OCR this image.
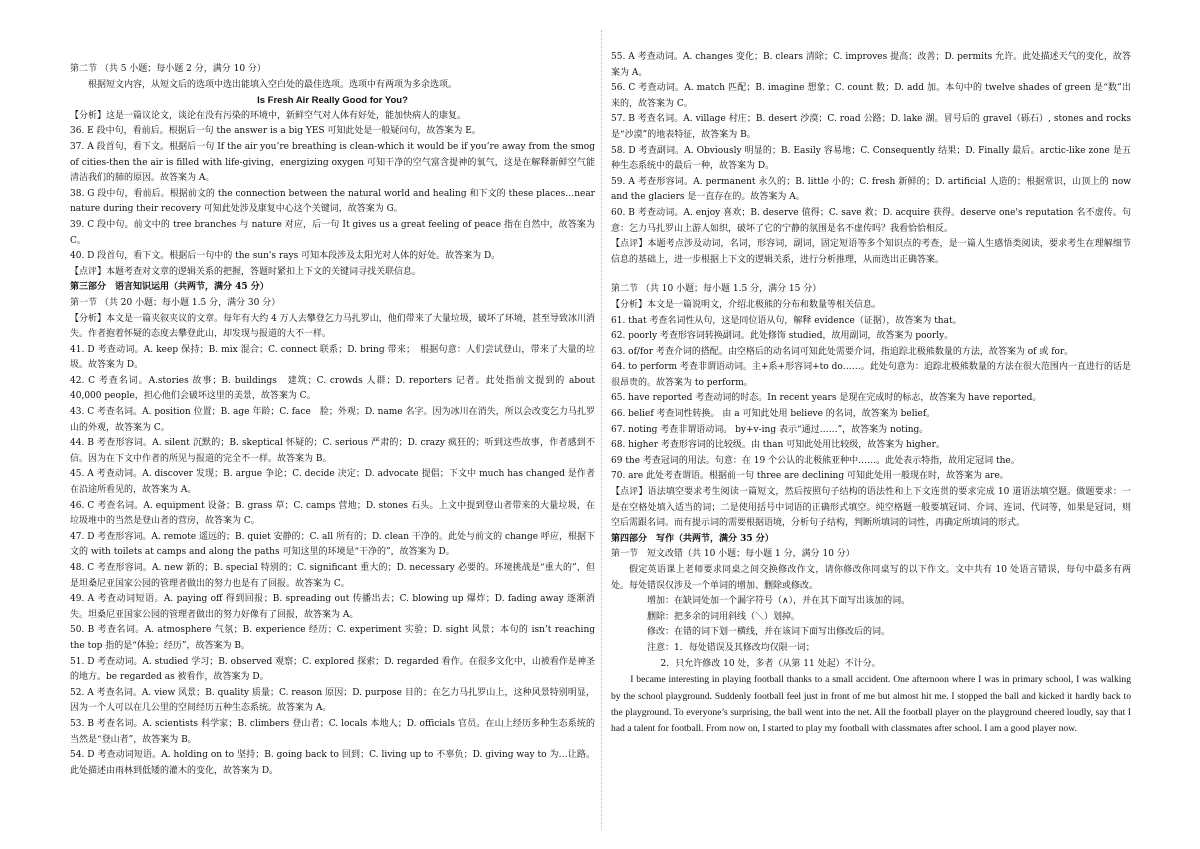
第二节 （共 5 小题；每小题 2 分，满分 10 分）

根据短文内容，从短文后的选项中选出能填入空白处的最佳选项。选项中有两项为多余选项。

Is Fresh Air Really Good for You?

【分析】这是一篇议论文，谈论在没有污染的环境中，新鲜空气对人体有好处，能加快病人的康复。

36. E 段中句，看前后。根据后一句 the answer is a big YES 可知此处是一般疑问句，故答案为 E。

37. A 段首句，看下文。根据后一句 If the air you’re breathing is clean-which it would be if you’re away from the smog of cities-then the air is filled with life-giving，energizing oxygen 可知干净的空气富含提神的氧气，这是在解释新鲜空气能清洁我们的肺的原因。故答案为 A。

38. G 段中句，看前后。根据前文的 the connection between the natural world and healing 和下文的 these places…near nature during their recovery 可知此处涉及康复中心这个关键词，故答案为 G。

39. C 段中句。前文中的 tree branches 与 nature 对应，后一句 It gives us a great feeling of peace 指在自然中，故答案为 C。

40. D 段首句，看下文。根据后一句中的 the sun's rays 可知本段涉及太阳光对人体的好处。故答案为 D。

【点评】本题考查对文章的逻辑关系的把握，答题时紧扣上下文的关键词寻找关联信息。

第三部分　语言知识运用（共两节，满分 45 分）

第一节 （共 20 小题；每小题 1.5 分，满分 30 分）

【分析】本文是一篇夹叙夹议的文章。每年有大约 4 万人去攀登乞力马扎罗山，他们带来了大量垃圾，破坏了环境，甚至导致冰川消失。作者抱着怀疑的态度去攀登此山，却发现与报道的大不一样。

41. D 考查动词。A. keep 保持；B. mix 混合；C. connect 联系；D. bring 带来；　根据句意：人们尝试登山，带来了大量的垃圾。故答案为 D。

42. C 考查名词。A.stories 故事；B. buildings　建筑；C. crowds 人群；D. reporters 记者。此处指前文提到的 about 40,000 people，担心他们会破坏这里的美景，故答案为 C。

43. C 考查名词。A. position 位置；B. age 年龄；C. face　脸；外观；D. name 名字。因为冰川在消失，所以会改变乞力马扎罗山的外观，故答案为 C。

44. B 考查形容词。A. silent 沉默的；B. skeptical 怀疑的；C. serious 严肃的；D. crazy 疯狂的；听到这些故事，作者感到不信。因为在下文中作者的所见与报道的完全不一样。故答案为 B。

45. A 考查动词。A. discover 发现；B. argue 争论；C. decide 决定；D. advocate 提倡；下文中 much has changed 是作者在沿途所看见的，故答案为 A。

46. C 考查名词。A. equipment 设备；B. grass 草；C. camps 营地；D. stones 石头。上文中提到登山者带来的大量垃圾，在垃圾堆中的当然是登山者的营房，故答案为 C。

47. D 考查形容词。A. remote 遥远的；B. quiet 安静的；C. all 所有的；D. clean 干净的。此处与前文的 change 呼应，根据下文的 with toilets at camps and along the paths 可知这里的环境是“干净的”，故答案为 D。

48. C 考查形容词。A. new 新的；B. special 特别的；C. significant 重大的；D. necessary 必要的。环境挑战是“重大的”，但是坦桑尼亚国家公园的管理者做出的努力也是有了回报。故答案为 C。

49. A 考查动词短语。A. paying off 得到回报；B. spreading out 传播出去；C. blowing up 爆炸；D. fading away 逐渐消失。坦桑尼亚国家公园的管理者做出的努力好像有了回报，故答案为 A。

50. B 考查名词。A. atmosphere 气氛；B. experience 经历；C. experiment 实验；D. sight 风景；本句的 isn’t reaching the top 指的是“体验；经历”，故答案为 B。

51. D 考查动词。A. studied 学习；B. observed 观察；C. explored 探索；D. regarded 看作。在很多文化中，山被看作是神圣的地方。be regarded as 被看作，故答案为 D。

52. A 考查名词。A. view 风景；B. quality 质量；C. reason 原因；D. purpose 目的；在乞力马扎罗山上，这种风景特别明显，因为一个人可以在几公里的空间经历五种生态系统。故答案为 A。

53. B 考查名词。A. scientists 科学家；B. climbers 登山者；C. locals 本地人；D. officials 官员。在山上经历多种生态系统的当然是“登山者”，故答案为 B。

54. D 考查动词短语。A. holding on to 坚持；B. going back to 回到；C. living up to 不辜负；D. giving way to 为…让路。此处描述由雨林到低矮的灌木的变化，故答案为 D。

55. A 考查动词。A. changes 变化；B. clears 清除；C. improves 提高；改善；D. permits 允许。此处描述天气的变化，故答案为 A。

56. C 考查动词。A. match 匹配；B. imagine 想象；C. count 数；D. add 加。本句中的 twelve shades of green 是“数”出来的，故答案为 C。

57. B 考查名词。A. village 村庄；B. desert 沙漠；C. road 公路；D. lake 湖。冒号后的 gravel（砾石）, stones and rocks 是“沙漠”的地表特征，故答案为 B。

58. D 考查副词。A. Obviously 明显的；B. Easily 容易地；C. Consequently 结果；D. Finally 最后。arctic-like zone 是五种生态系统中的最后一种，故答案为 D。

59. A 考查形容词。A. permanent 永久的；B. little 小的；C. fresh 新鲜的；D. artificial 人造的；根据常识，山顶上的 now and the glaciers 是一直存在的。故答案为 A。

60. B 考查动词。A. enjoy 喜欢；B. deserve 值得；C. save 救；D. acquire 获得。deserve one's reputation 名不虚传。句意：乞力马扎罗山上游人如织，破坏了它的宁静的氛围是名不虚传吗？我看恰恰相反。

【点评】本题考点涉及动词，名词，形容词，副词，固定短语等多个知识点的考查，是一篇人生感悟类阅读，要求考生在理解细节信息的基础上，进一步根据上下文的逻辑关系，进行分析推理，从而选出正确答案。

第二节 （共 10 小题；每小题 1.5 分，满分 15 分）

【分析】本文是一篇说明文，介绍北极熊的分布和数量等相关信息。

61. that 考查名词性从句，这是同位语从句，解释 evidence（证据），故答案为 that。

62. poorly 考查形容词转换副词。此处修饰 studied，故用副词，故答案为 poorly。

63. of/for 考查介词的搭配。由空格后的动名词可知此处需要介词，指追踪北极熊数量的方法，故答案为 of 或 for。

64. to perform 考查非谓语动词。主+系+形容词+to do……。此处句意为：追踪北极熊数量的方法在很大范围内一直进行的话是很昂贵的。故答案为 to perform。

65. have reported 考查动词的时态。In recent years 是现在完成时的标志，故答案为 have reported。

66. belief 考查词性转换。 由 a 可知此处用 believe 的名词，故答案为 belief。

67. noting 考查非谓语动词。 by+v-ing 表示“通过……”，故答案为 noting。

68. higher 考查形容词的比较级。由 than 可知此处用比较级，故答案为 higher。

69 the 考查冠词的用法。句意：在 19 个公认的北极熊亚种中……。此处表示特指，故用定冠词 the。

70. are 此处考查谓语。根据前一句 three are declining 可知此处用一般现在时，故答案为 are。

【点评】语法填空要求考生阅读一篇短文，然后按照句子结构的语法性和上下文连贯的要求完成 10 道语法填空题。做题要求：一是在空格处填入适当的词；二是使用括号中词语的正确形式填空。纯空格题一般要填冠词、介词、连词、代词等，如果是冠词，则空后需跟名词。而有提示词的需要根据语境，分析句子结构，判断所填词的词性，再确定所填词的形式。

第四部分　写作（共两节，满分 35 分）

第一节　短文改错（共 10 小题；每小题 1 分，满分 10 分）

假定英语课上老师要求同桌之间交换修改作文，请你修改你同桌写的以下作文。文中共有 10 处语言错误，每句中最多有两处。每处错误仅涉及一个单词的增加、删除或修改。

增加：在缺词处加一个漏字符号（∧），并在其下面写出该加的词。

删除：把多余的词用斜线（＼）划掉。

修改：在错的词下划一横线，并在该词下面写出修改后的词。

注意：1．每处错误及其修改均仅限一词；

2．只允许修改 10 处，多者（从第 11 处起）不计分。

I became interesting in playing football thanks to a small accident. One afternoon where I was in primary school, I was walking by the school playground. Suddenly football feel just in front of me but almost hit me. I stopped the ball and kicked it hardly back to the playground. To everyone’s surprising, the ball went into the net. All the football player on the playground cheered loudly, say that I had a talent for football. From now on, I started to play my football with classmates after school. I am a good player now.
